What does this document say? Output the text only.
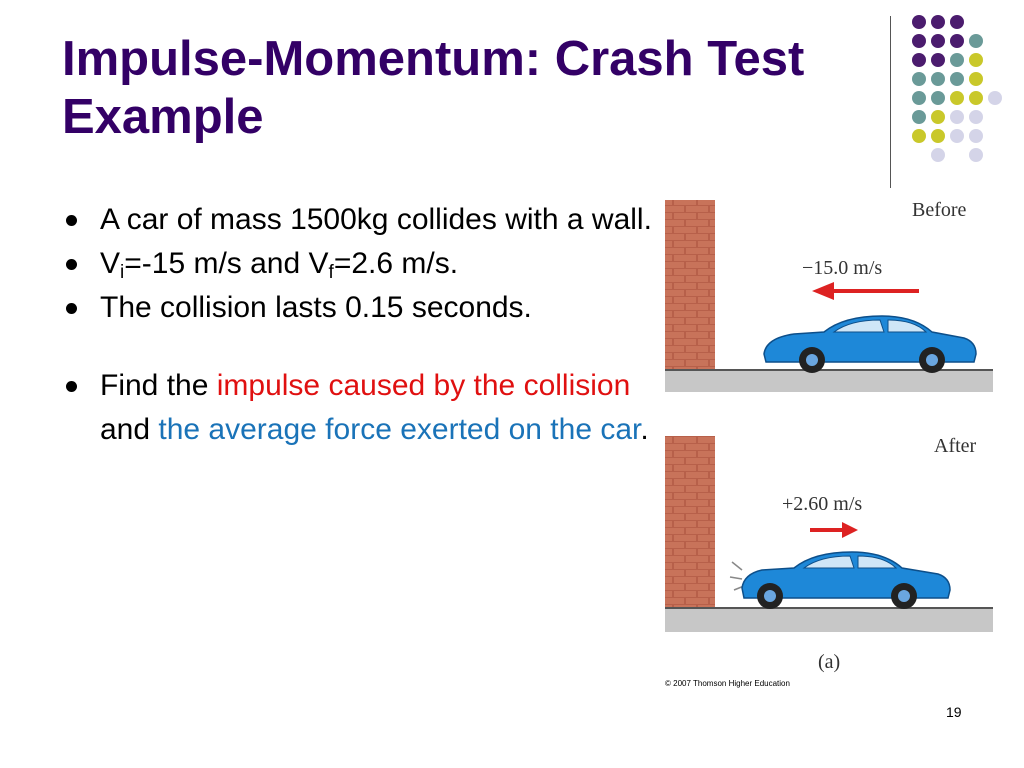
Impulse-Momentum: Crash Test Example
A car of mass 1500kg collides with a wall.
$V_i=-15$ m/s and $V_f=2.6$ m/s.
The collision lasts 0.15 seconds.
Find the impulse caused by the collision and the average force exerted on the car.
Before
−15.0 m/s
After
+2.60 m/s
(a)
© 2007 Thomson Higher Education
19
